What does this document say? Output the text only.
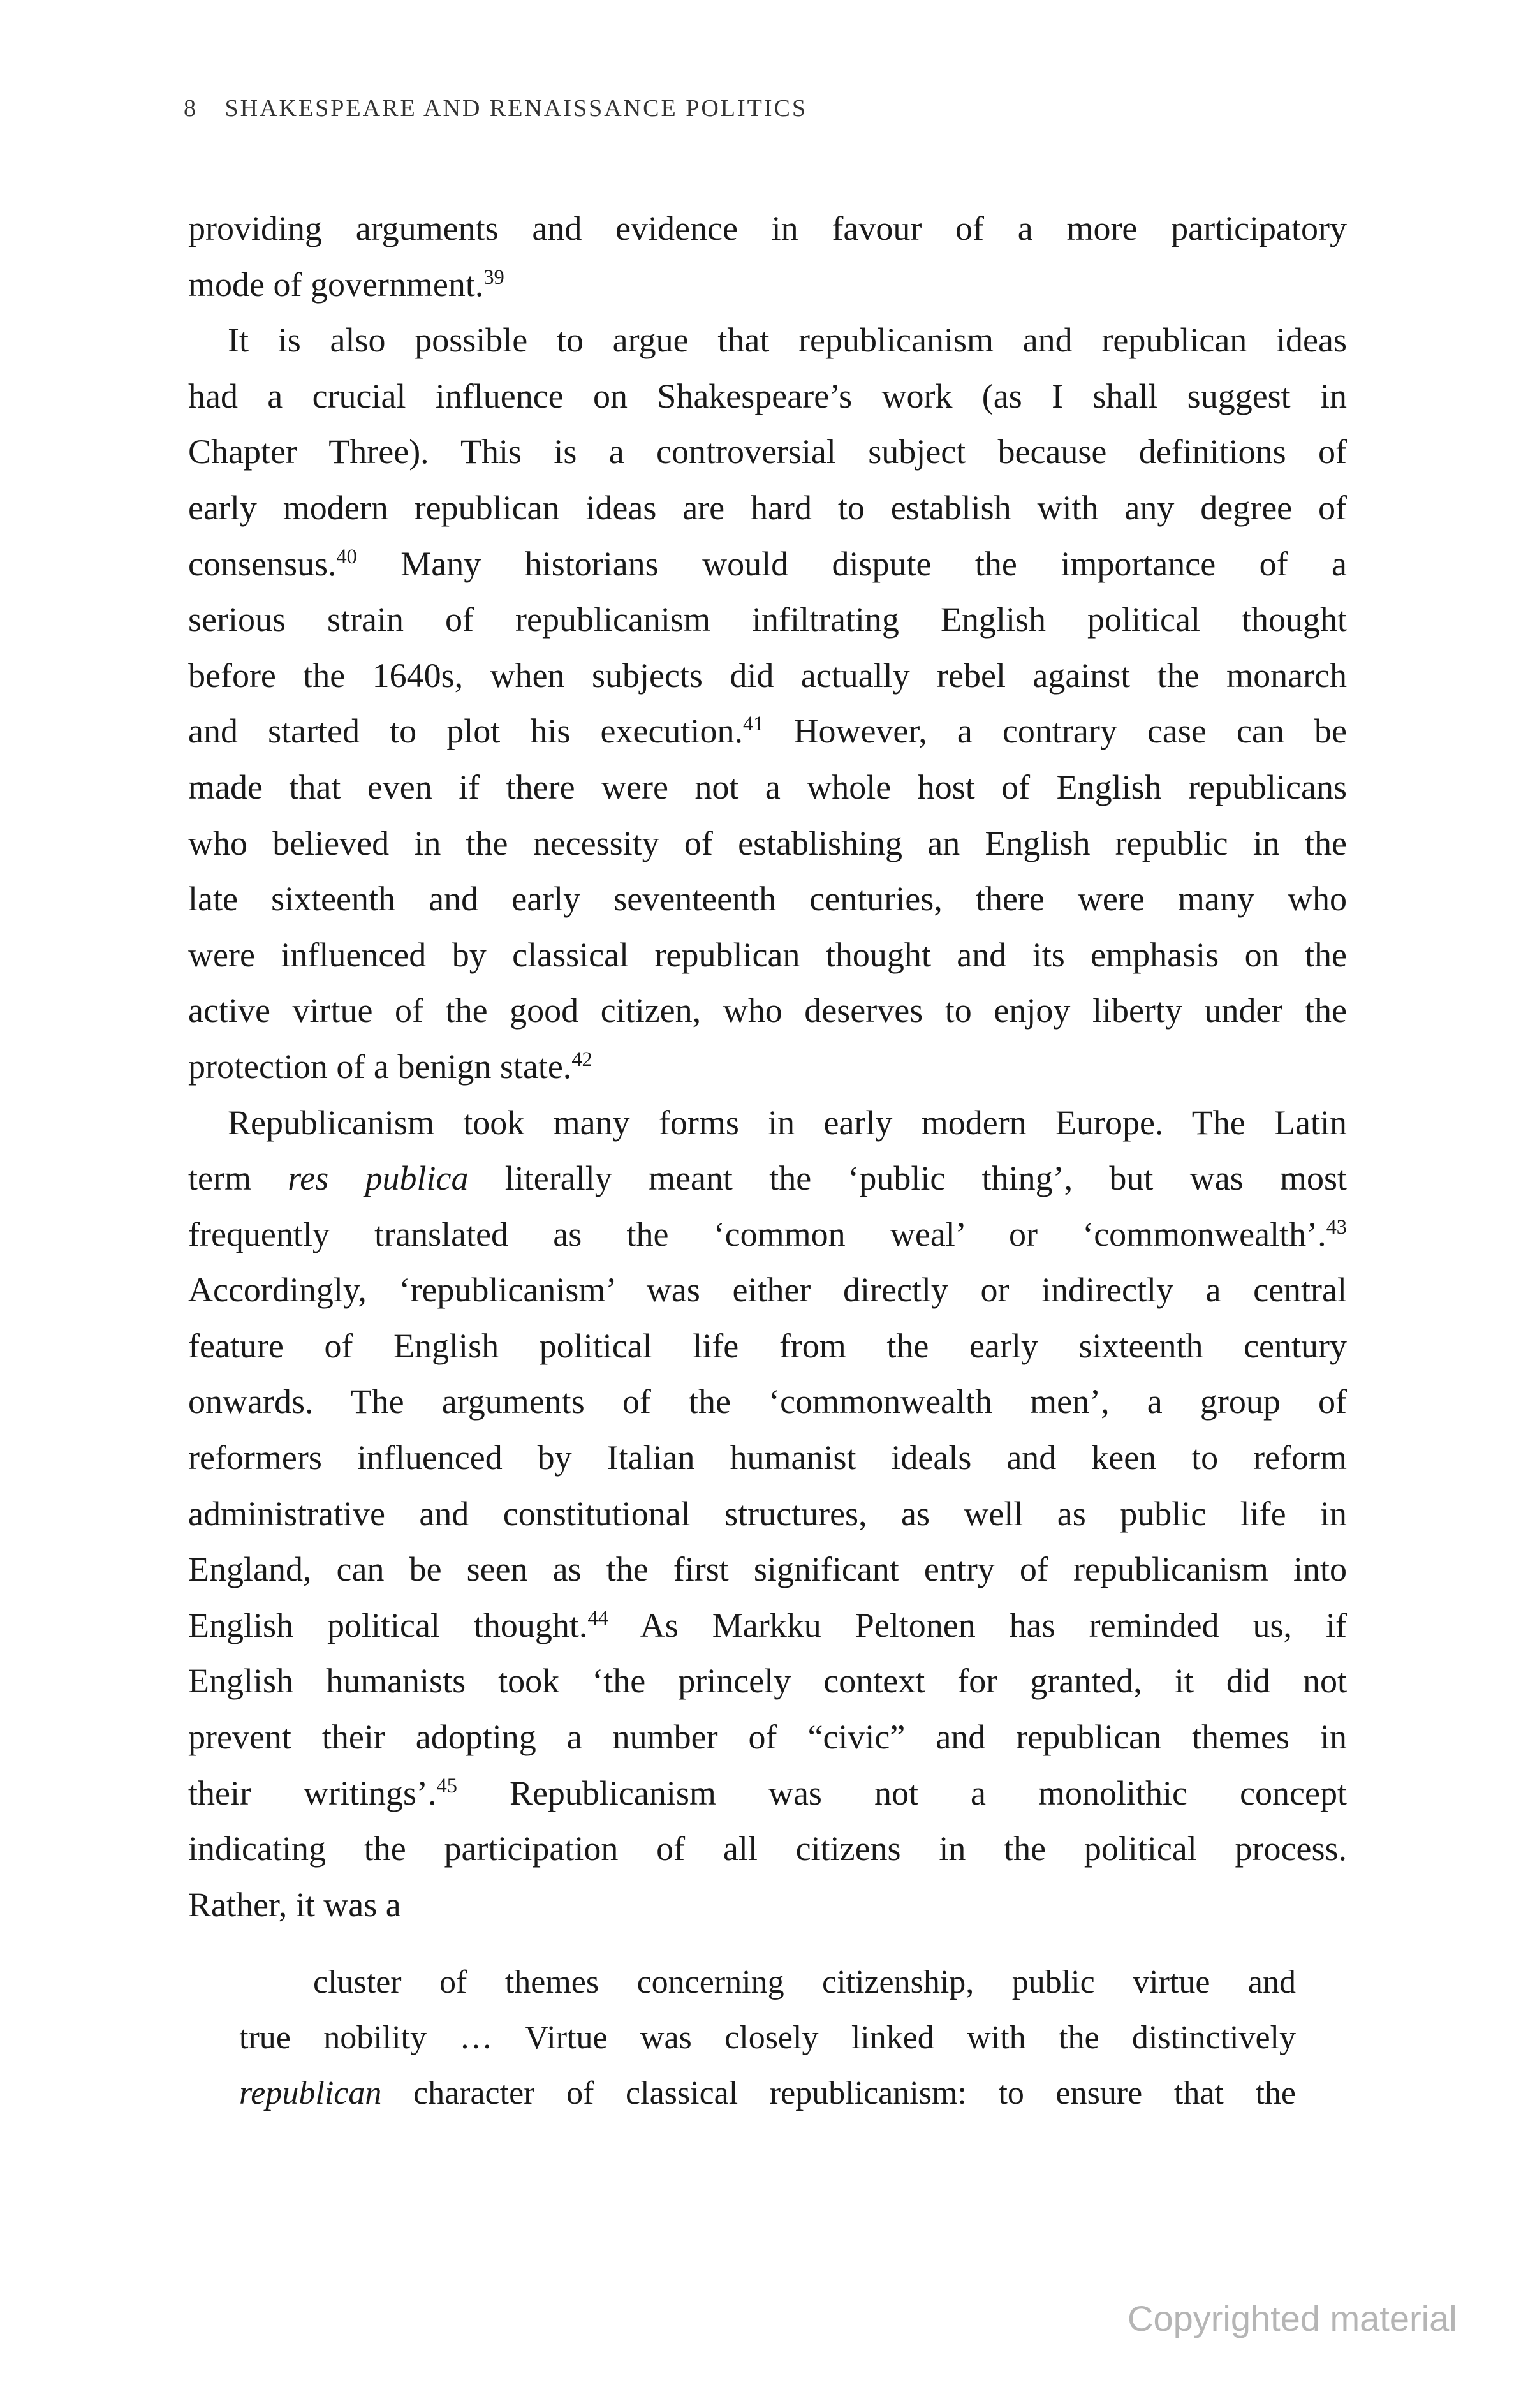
8 SHAKESPEARE AND RENAISSANCE POLITICS
providing arguments and evidence in favour of a more participatory
mode of government.$^{39}$
It is also possible to argue that republicanism and republican ideas
had a crucial influence on Shakespeare’s work (as I shall suggest in
Chapter Three). This is a controversial subject because definitions of
early modern republican ideas are hard to establish with any degree of
consensus.$^{40}$ Many historians would dispute the importance of a
serious strain of republicanism infiltrating English political thought
before the 1640s, when subjects did actually rebel against the monarch
and started to plot his execution.$^{41}$ However, a contrary case can be
made that even if there were not a whole host of English republicans
who believed in the necessity of establishing an English republic in the
late sixteenth and early seventeenth centuries, there were many who
were influenced by classical republican thought and its emphasis on the
active virtue of the good citizen, who deserves to enjoy liberty under the
protection of a benign state.$^{42}$
Republicanism took many forms in early modern Europe. The Latin
term res publica literally meant the ‘public thing’, but was most
frequently translated as the ‘common weal’ or ‘commonwealth’.$^{43}$
Accordingly, ‘republicanism’ was either directly or indirectly a central
feature of English political life from the early sixteenth century
onwards. The arguments of the ‘commonwealth men’, a group of
reformers influenced by Italian humanist ideals and keen to reform
administrative and constitutional structures, as well as public life in
England, can be seen as the first significant entry of republicanism into
English political thought.$^{44}$ As Markku Peltonen has reminded us, if
English humanists took ‘the princely context for granted, it did not
prevent their adopting a number of “civic” and republican themes in
their writings’.$^{45}$ Republicanism was not a monolithic concept
indicating the participation of all citizens in the political process.
Rather, it was a
cluster of themes concerning citizenship, public virtue and
true nobility … Virtue was closely linked with the distinctively
republican character of classical republicanism: to ensure that the
Copyrighted material
